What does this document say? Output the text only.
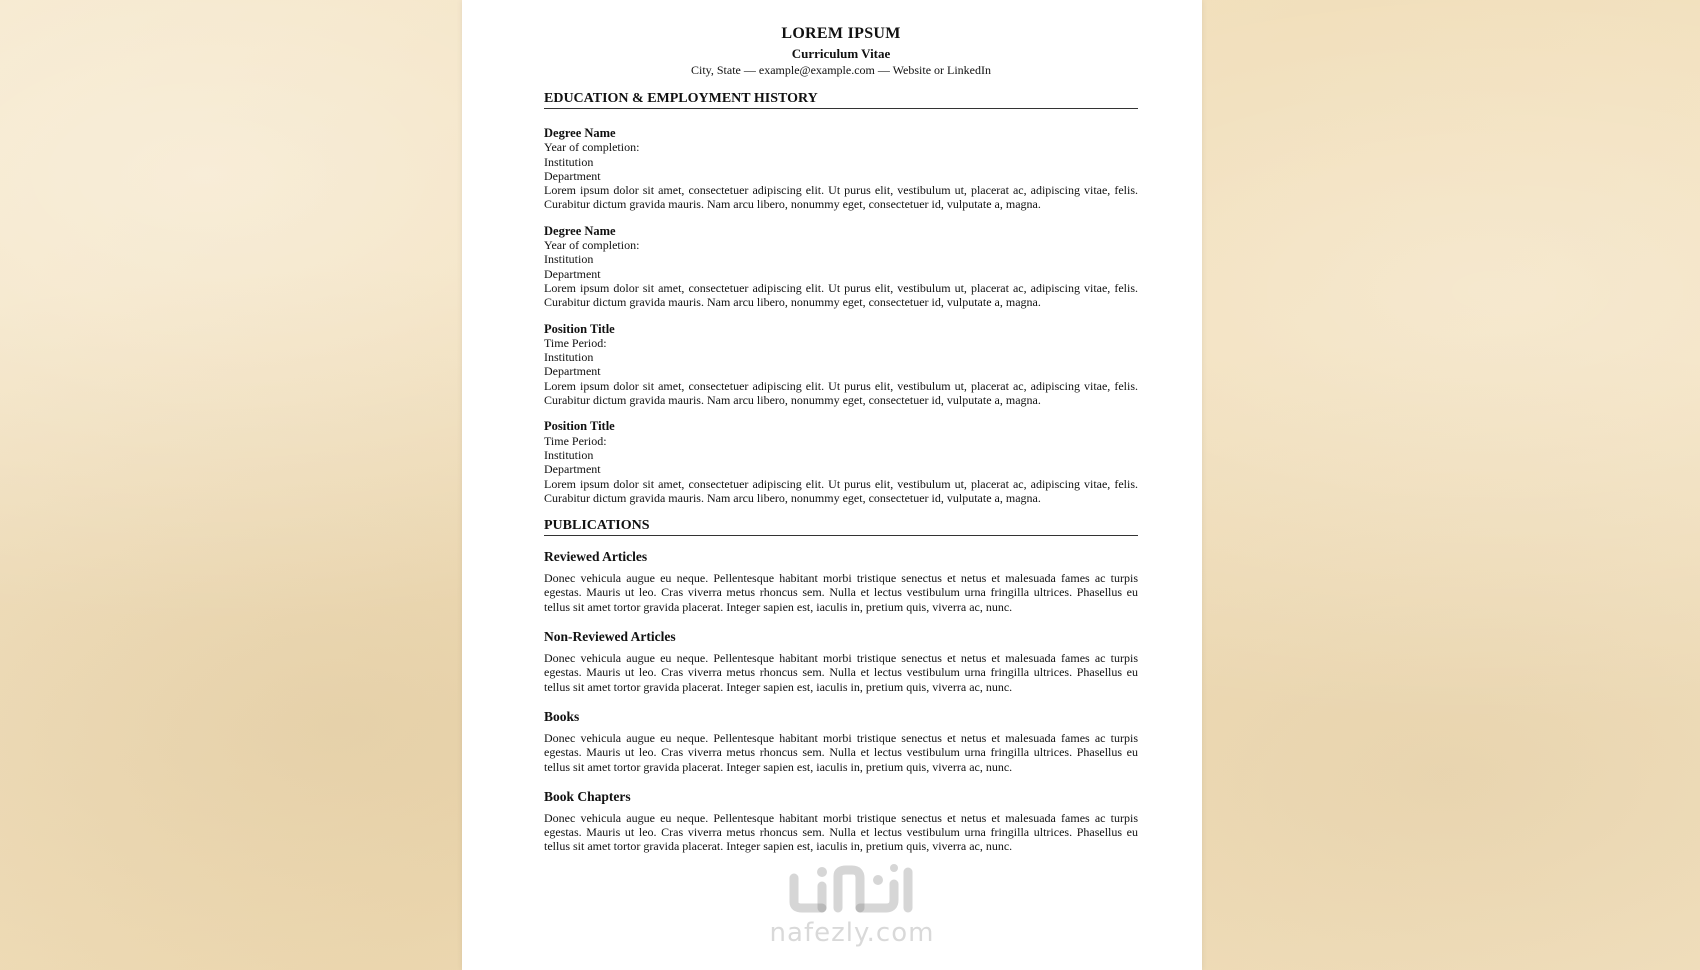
LOREM IPSUM
Curriculum Vitae
City, State — example@example.com — Website or LinkedIn
EDUCATION & EMPLOYMENT HISTORY
Degree Name
Year of completion:
Institution
Department
Lorem ipsum dolor sit amet, consectetuer adipiscing elit. Ut purus elit, vestibulum ut, placerat ac, adipiscing vitae, felis. Curabitur dictum gravida mauris. Nam arcu libero, nonummy eget, consectetuer id, vulputate a, magna.
Degree Name
Year of completion:
Institution
Department
Lorem ipsum dolor sit amet, consectetuer adipiscing elit. Ut purus elit, vestibulum ut, placerat ac, adipiscing vitae, felis. Curabitur dictum gravida mauris. Nam arcu libero, nonummy eget, consectetuer id, vulputate a, magna.
Position Title
Time Period:
Institution
Department
Lorem ipsum dolor sit amet, consectetuer adipiscing elit. Ut purus elit, vestibulum ut, placerat ac, adipiscing vitae, felis. Curabitur dictum gravida mauris. Nam arcu libero, nonummy eget, consectetuer id, vulputate a, magna.
Position Title
Time Period:
Institution
Department
Lorem ipsum dolor sit amet, consectetuer adipiscing elit. Ut purus elit, vestibulum ut, placerat ac, adipiscing vitae, felis. Curabitur dictum gravida mauris. Nam arcu libero, nonummy eget, consectetuer id, vulputate a, magna.
PUBLICATIONS
Reviewed Articles
Donec vehicula augue eu neque. Pellentesque habitant morbi tristique senectus et netus et malesuada fames ac turpis egestas. Mauris ut leo. Cras viverra metus rhoncus sem. Nulla et lectus vestibulum urna fringilla ultrices. Phasellus eu tellus sit amet tortor gravida placerat. Integer sapien est, iaculis in, pretium quis, viverra ac, nunc.
Non-Reviewed Articles
Donec vehicula augue eu neque. Pellentesque habitant morbi tristique senectus et netus et malesuada fames ac turpis egestas. Mauris ut leo. Cras viverra metus rhoncus sem. Nulla et lectus vestibulum urna fringilla ultrices. Phasellus eu tellus sit amet tortor gravida placerat. Integer sapien est, iaculis in, pretium quis, viverra ac, nunc.
Books
Donec vehicula augue eu neque. Pellentesque habitant morbi tristique senectus et netus et malesuada fames ac turpis egestas. Mauris ut leo. Cras viverra metus rhoncus sem. Nulla et lectus vestibulum urna fringilla ultrices. Phasellus eu tellus sit amet tortor gravida placerat. Integer sapien est, iaculis in, pretium quis, viverra ac, nunc.
Book Chapters
Donec vehicula augue eu neque. Pellentesque habitant morbi tristique senectus et netus et malesuada fames ac turpis egestas. Mauris ut leo. Cras viverra metus rhoncus sem. Nulla et lectus vestibulum urna fringilla ultrices. Phasellus eu tellus sit amet tortor gravida placerat. Integer sapien est, iaculis in, pretium quis, viverra ac, nunc.
nafezly.com
